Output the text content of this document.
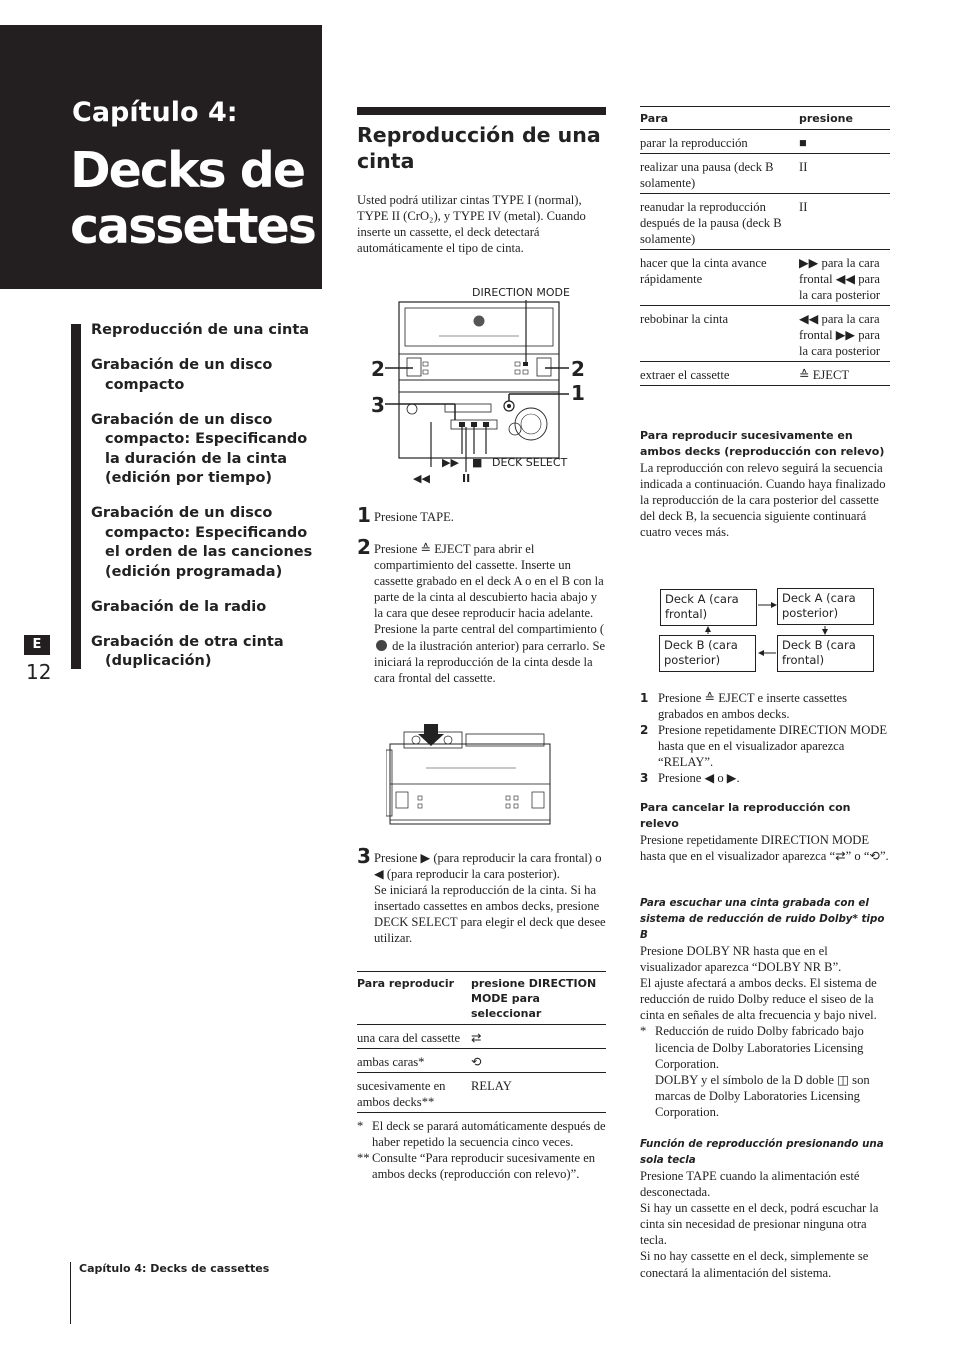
Capítulo 4:
Decks de
cassettes
Reproducción de una cinta
Grabación de un disco compacto
Grabación de un disco compacto: Especificando la duración de la cinta (edición por tiempo)
Grabación de un disco compacto: Especificando el orden de las canciones (edición programada)
Grabación de la radio
Grabación de otra cinta (duplicación)
E
12
Reproducción de una cinta
Usted podrá utilizar cintas TYPE I (normal), TYPE II (CrO₂), y TYPE IV (metal). Cuando inserte un cassette, el deck detectará automáticamente el tipo de cinta.
DIRECTION MODE
2	2
1
3
▶▶ ■ DECK SELECT
◀◀	II
1 Presione TAPE.
2 Presione ≙ EJECT para abrir el compartimiento del cassette. Inserte un cassette grabado en el deck A o en el B con la parte de la cinta al descubierto hacia abajo y la cara que desee reproducir hacia adelante. Presione la parte central del compartimiento ( de la ilustración anterior) para cerrarlo. Se iniciará la reproducción de la cinta desde la cara frontal del cassette.
3 Presione ▶ (para reproducir la cara frontal) o ◀ (para reproducir la cara posterior).
Se iniciará la reproducción de la cinta. Si ha insertado cassettes en ambos decks, presione DECK SELECT para elegir el deck que desee utilizar.
Para reproducir	presione DIRECTION MODE para seleccionar
una cara del cassette	⇄
ambas caras*	⟲
sucesivamente en ambos decks**	RELAY
* El deck se parará automáticamente después de haber repetido la secuencia cinco veces.
** Consulte “Para reproducir sucesivamente en ambos decks (reproducción con relevo)”.
Capítulo 4: Decks de cassettes
Para	presione
parar la reproducción	■
realizar una pausa (deck B solamente)	II
reanudar la reproducción después de la pausa (deck B solamente)	II
hacer que la cinta avance rápidamente	▶▶ para la cara frontal ◀◀ para la cara posterior
rebobinar la cinta	◀◀ para la cara frontal ▶▶ para la cara posterior
extraer el cassette	≙ EJECT
Para reproducir sucesivamente en ambos decks (reproducción con relevo)
La reproducción con relevo seguirá la secuencia indicada a continuación. Cuando haya finalizado la reproducción de la cara posterior del cassette del deck B, la secuencia siguiente continuará cuatro veces más.
Deck A (cara frontal)
Deck A (cara posterior)
Deck B (cara posterior)
Deck B (cara frontal)
1 Presione ≙ EJECT e inserte cassettes grabados en ambos decks.
2 Presione repetidamente DIRECTION MODE hasta que en el visualizador aparezca “RELAY”.
3 Presione ◀ o ▶.
Para cancelar la reproducción con relevo
Presione repetidamente DIRECTION MODE hasta que en el visualizador aparezca “⇄” o “⟲”.
Para escuchar una cinta grabada con el sistema de reducción de ruido Dolby* tipo B
Presione DOLBY NR hasta que en el visualizador aparezca “DOLBY NR B”.
El ajuste afectará a ambos decks. El sistema de reducción de ruido Dolby reduce el siseo de la cinta en señales de alta frecuencia y bajo nivel.
* Reducción de ruido Dolby fabricado bajo licencia de Dolby Laboratories Licensing Corporation.
DOLBY y el símbolo de la D doble ◫ son marcas de Dolby Laboratories Licensing Corporation.
Función de reproducción presionando una sola tecla
Presione TAPE cuando la alimentación esté desconectada.
Si hay un cassette en el deck, podrá escuchar la cinta sin necesidad de presionar ninguna otra tecla.
Si no hay cassette en el deck, simplemente se conectará la alimentación del sistema.
